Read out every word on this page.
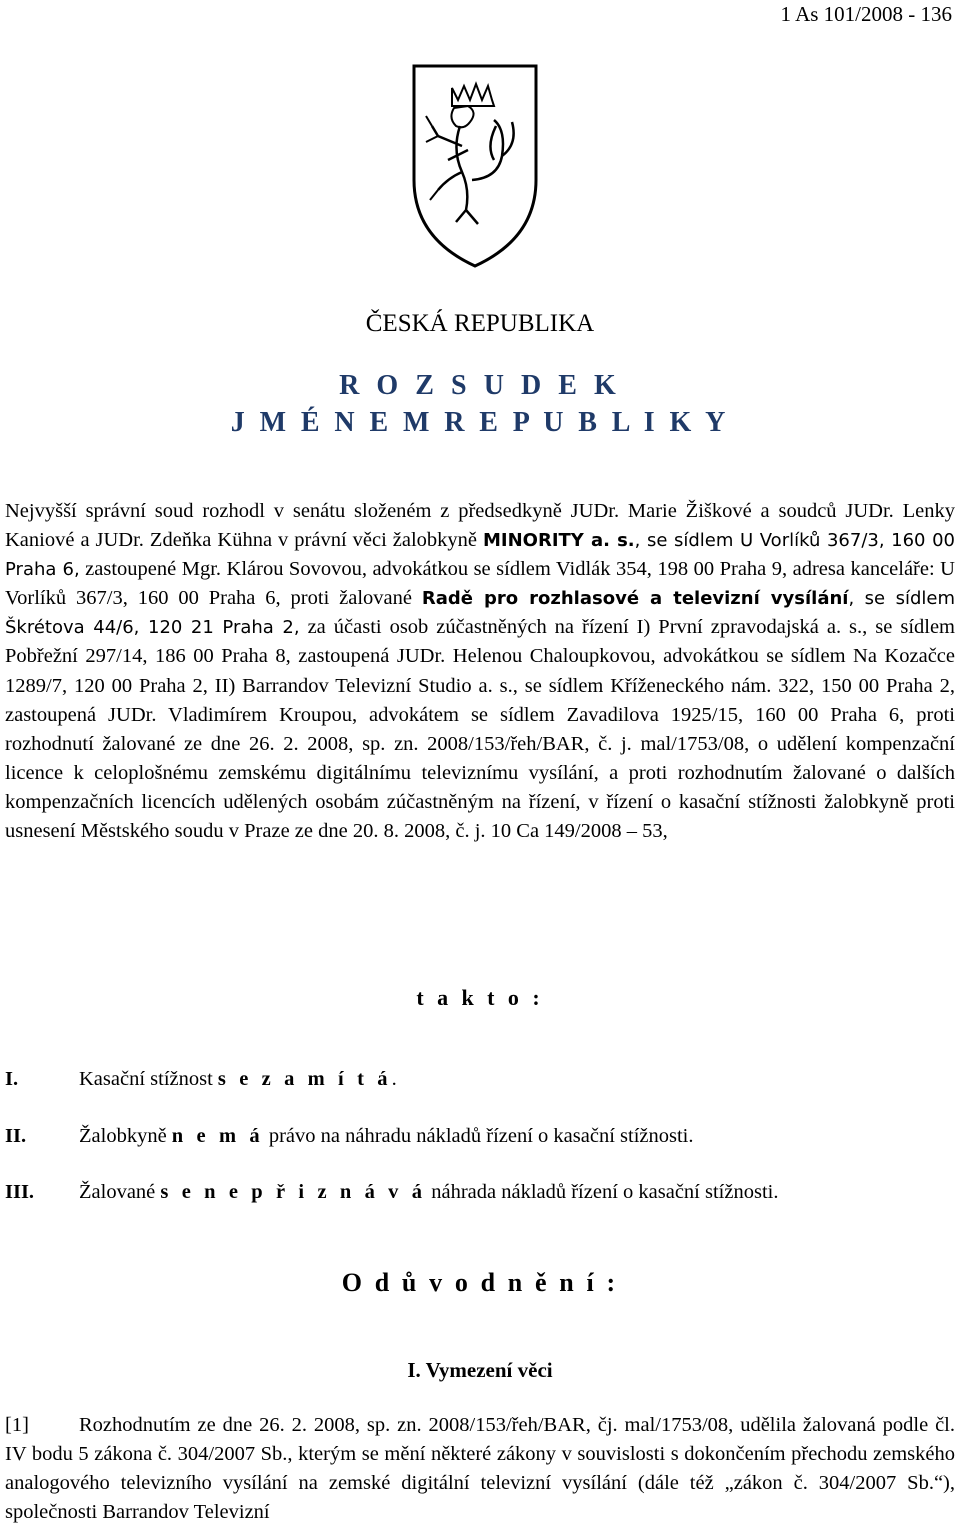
1 As 101/2008 - 136
ČESKÁ REPUBLIKA
R O Z S U D E K
J M É N E M R E P U B L I K Y
Nejvyšší správní soud rozhodl v senátu složeném z předsedkyně JUDr. Marie Žiškové a soudců JUDr. Lenky Kaniové a JUDr. Zdeňka Kühna v právní věci žalobkyně MINORITY a. s., se sídlem U Vorlíků 367/3, 160 00 Praha 6, zastoupené Mgr. Klárou Sovovou, advokátkou se sídlem Vidlák 354, 198 00 Praha 9, adresa kanceláře: U Vorlíků 367/3, 160 00 Praha 6, proti žalované Radě pro rozhlasové a televizní vysílání, se sídlem Škrétova 44/6, 120 21 Praha 2, za účasti osob zúčastněných na řízení I) První zpravodajská a. s., se sídlem Pobřežní 297/14, 186 00 Praha 8, zastoupená JUDr. Helenou Chaloupkovou, advokátkou se sídlem Na Kozačce 1289/7, 120 00 Praha 2, II) Barrandov Televizní Studio a. s., se sídlem Kříženeckého nám. 322, 150 00 Praha 2, zastoupená JUDr. Vladimírem Kroupou, advokátem se sídlem Zavadilova 1925/15, 160 00 Praha 6, proti rozhodnutí žalované ze dne 26. 2. 2008, sp. zn. 2008/153/řeh/BAR, č. j. mal/1753/08, o udělení kompenzační licence k celoplošnému zemskému digitálnímu televiznímu vysílání, a proti rozhodnutím žalované o dalších kompenzačních licencích udělených osobám zúčastněným na řízení, v řízení o kasační stížnosti žalobkyně proti usnesení Městského soudu v Praze ze dne 20. 8. 2008, č. j. 10 Ca 149/2008 – 53,
t a k t o :
I.	Kasační stížnost s e z a m í t á.
II.	Žalobkyně n e m á právo na náhradu nákladů řízení o kasační stížnosti.
III. Žalované s e n e p ř i z n á v á náhrada nákladů řízení o kasační stížnosti.
O d ů v o d n ě n í :
I. Vymezení věci
[1] Rozhodnutím ze dne 26. 2. 2008, sp. zn. 2008/153/řeh/BAR, čj. mal/1753/08, udělila žalovaná podle čl. IV bodu 5 zákona č. 304/2007 Sb., kterým se mění některé zákony v souvislosti s dokončením přechodu zemského analogového televizního vysílání na zemské digitální televizní vysílání (dále též „zákon č. 304/2007 Sb.“), společnosti Barrandov Televizní
